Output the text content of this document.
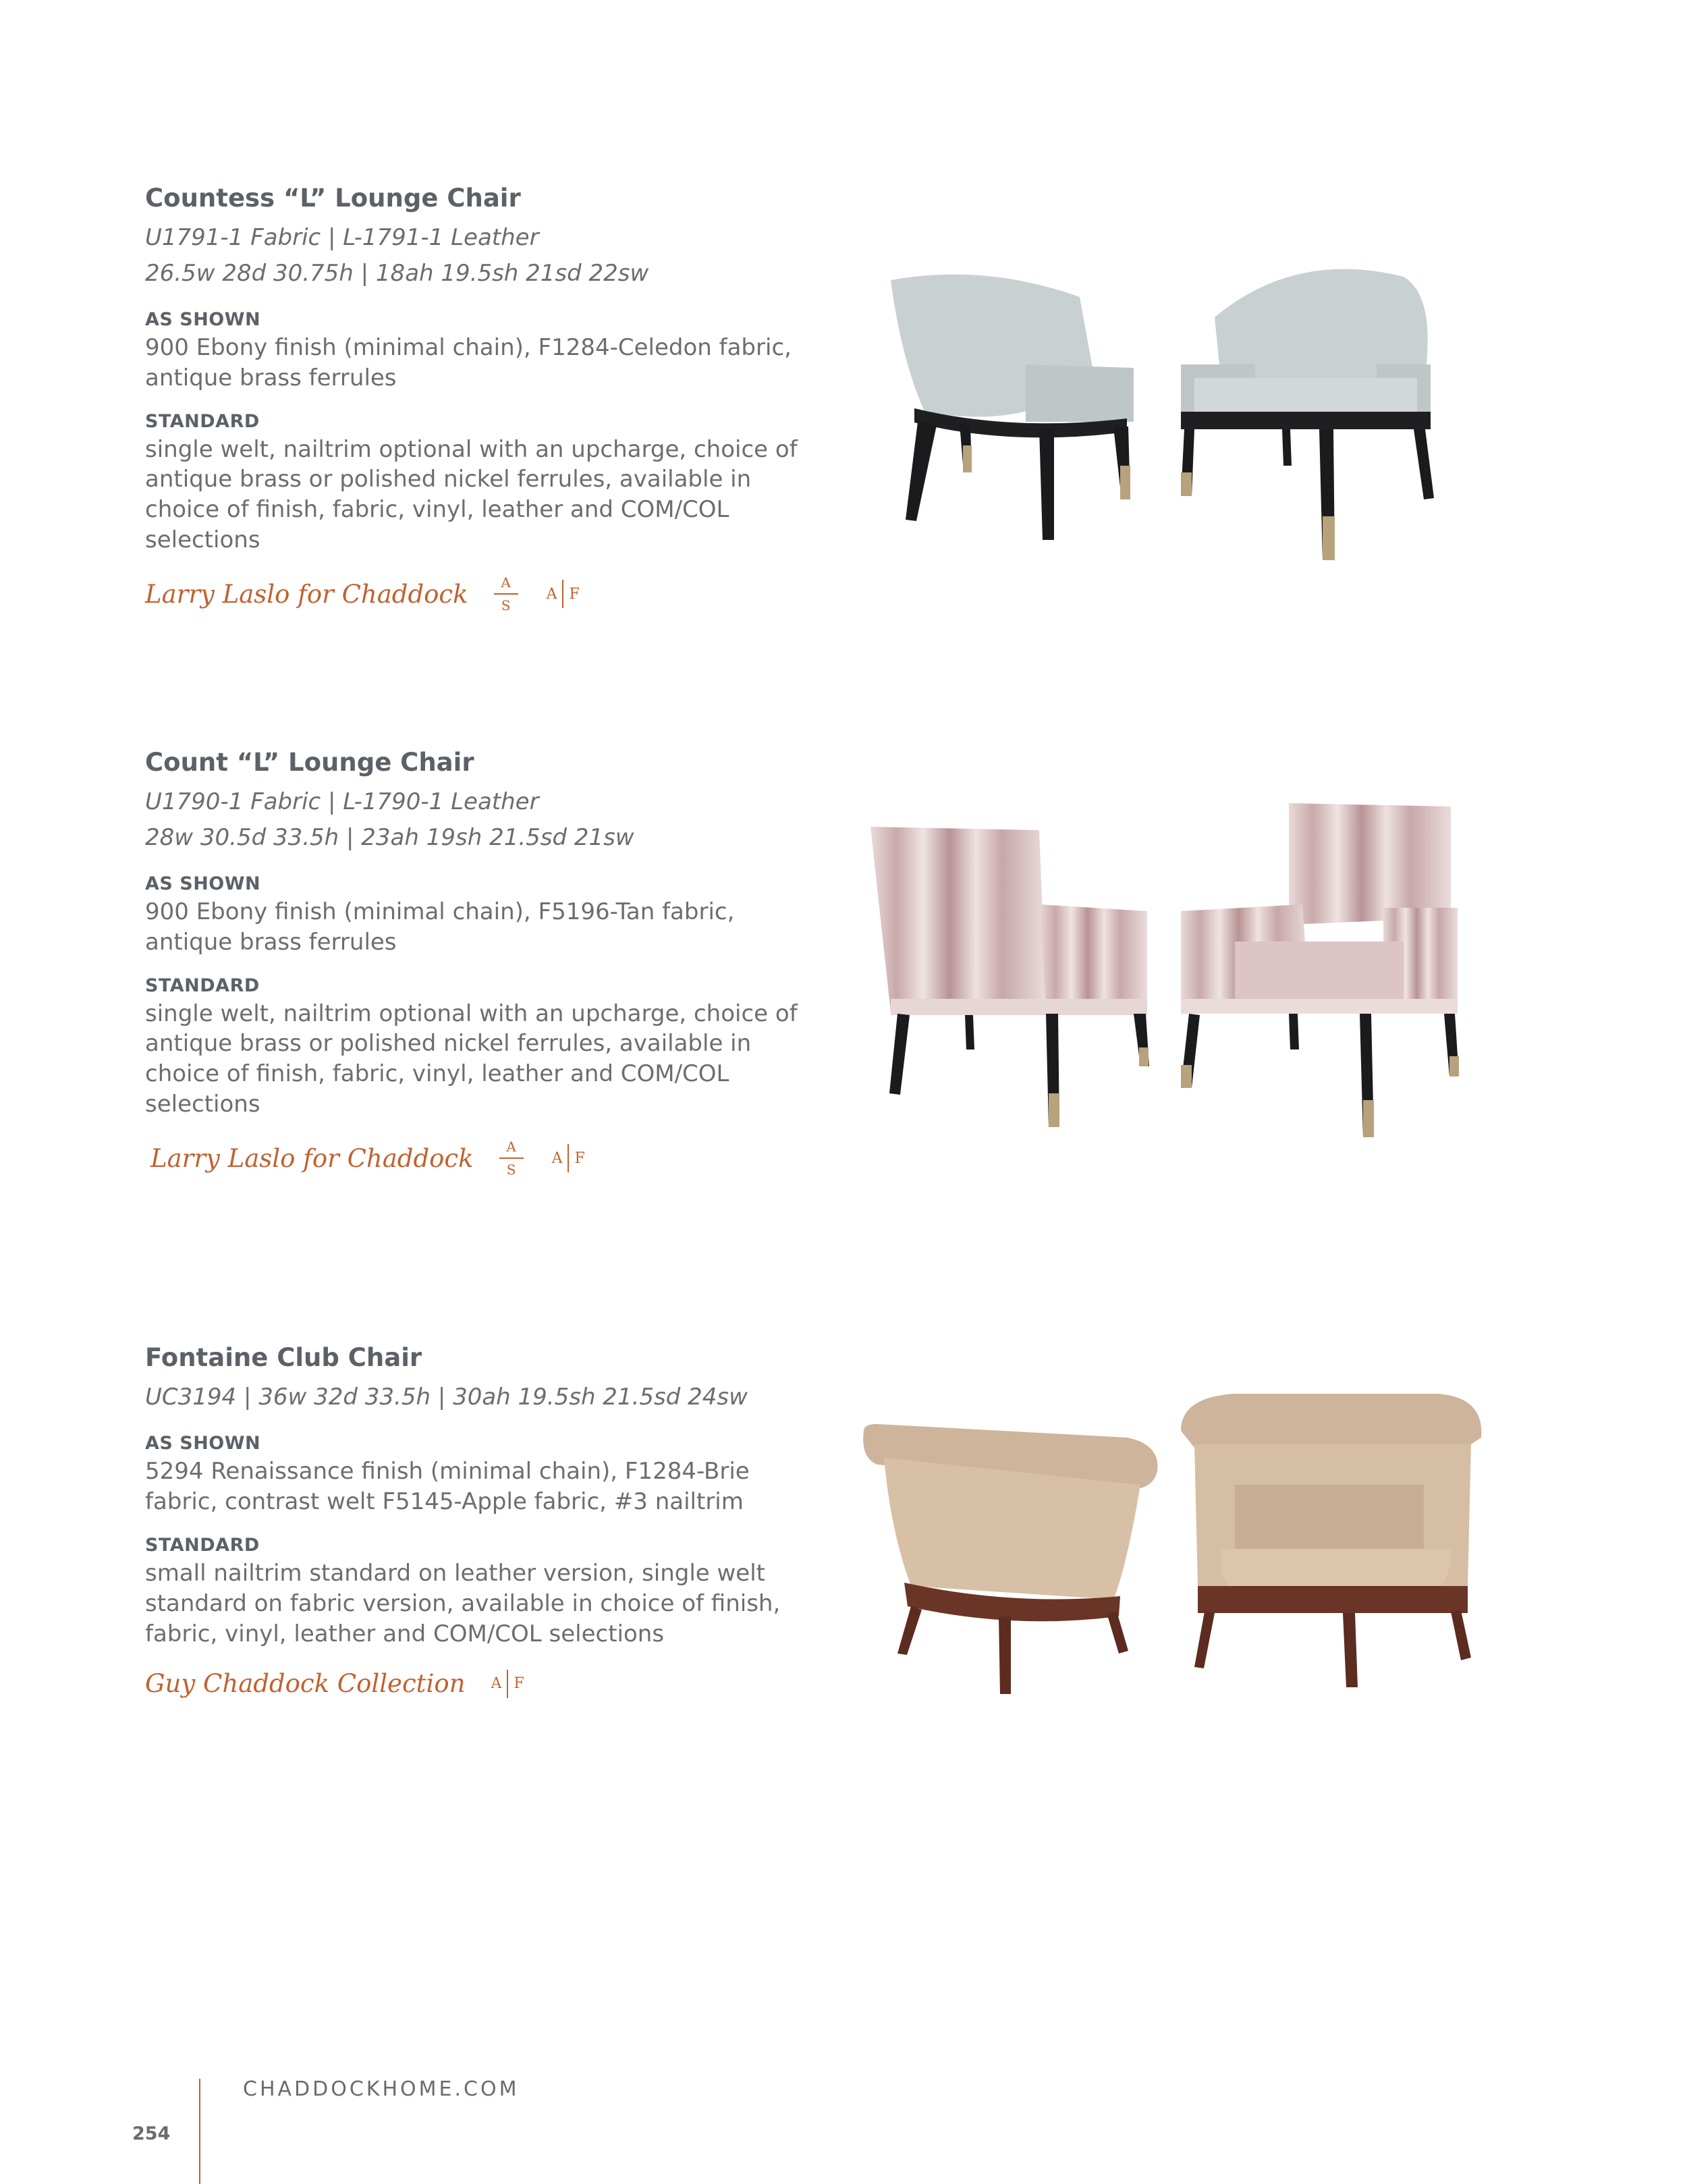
Countess “L” Lounge Chair
U1791-1 Fabric | L-1791-1 Leather
26.5w 28d 30.75h | 18ah 19.5sh 21sd 22sw
AS SHOWN
900 Ebony finish (minimal chain), F1284-Celedon fabric, antique brass ferrules
STANDARD
single welt, nailtrim optional with an upcharge, choice of antique brass or polished nickel ferrules, available in choice of finish, fabric, vinyl, leather and COM/COL selections
Larry Laslo for Chaddock A
S
A F
Count “L” Lounge Chair
U1790-1 Fabric | L-1790-1 Leather
28w 30.5d 33.5h | 23ah 19sh 21.5sd 21sw
AS SHOWN
900 Ebony finish (minimal chain), F5196-Tan fabric, antique brass ferrules
STANDARD
single welt, nailtrim optional with an upcharge, choice of antique brass or polished nickel ferrules, available in choice of finish, fabric, vinyl, leather and COM/COL selections
Larry Laslo for Chaddock A
S
A F
Fontaine Club Chair
UC3194 | 36w 32d 33.5h | 30ah 19.5sh 21.5sd 24sw
AS SHOWN
5294 Renaissance finish (minimal chain), F1284-Brie fabric, contrast welt F5145-Apple fabric, #3 nailtrim
STANDARD
small nailtrim standard on leather version, single welt standard on fabric version, available in choice of finish, fabric, vinyl, leather and COM/COL selections
Guy Chaddock Collection A F
CHADDOCKHOME.COM
254
